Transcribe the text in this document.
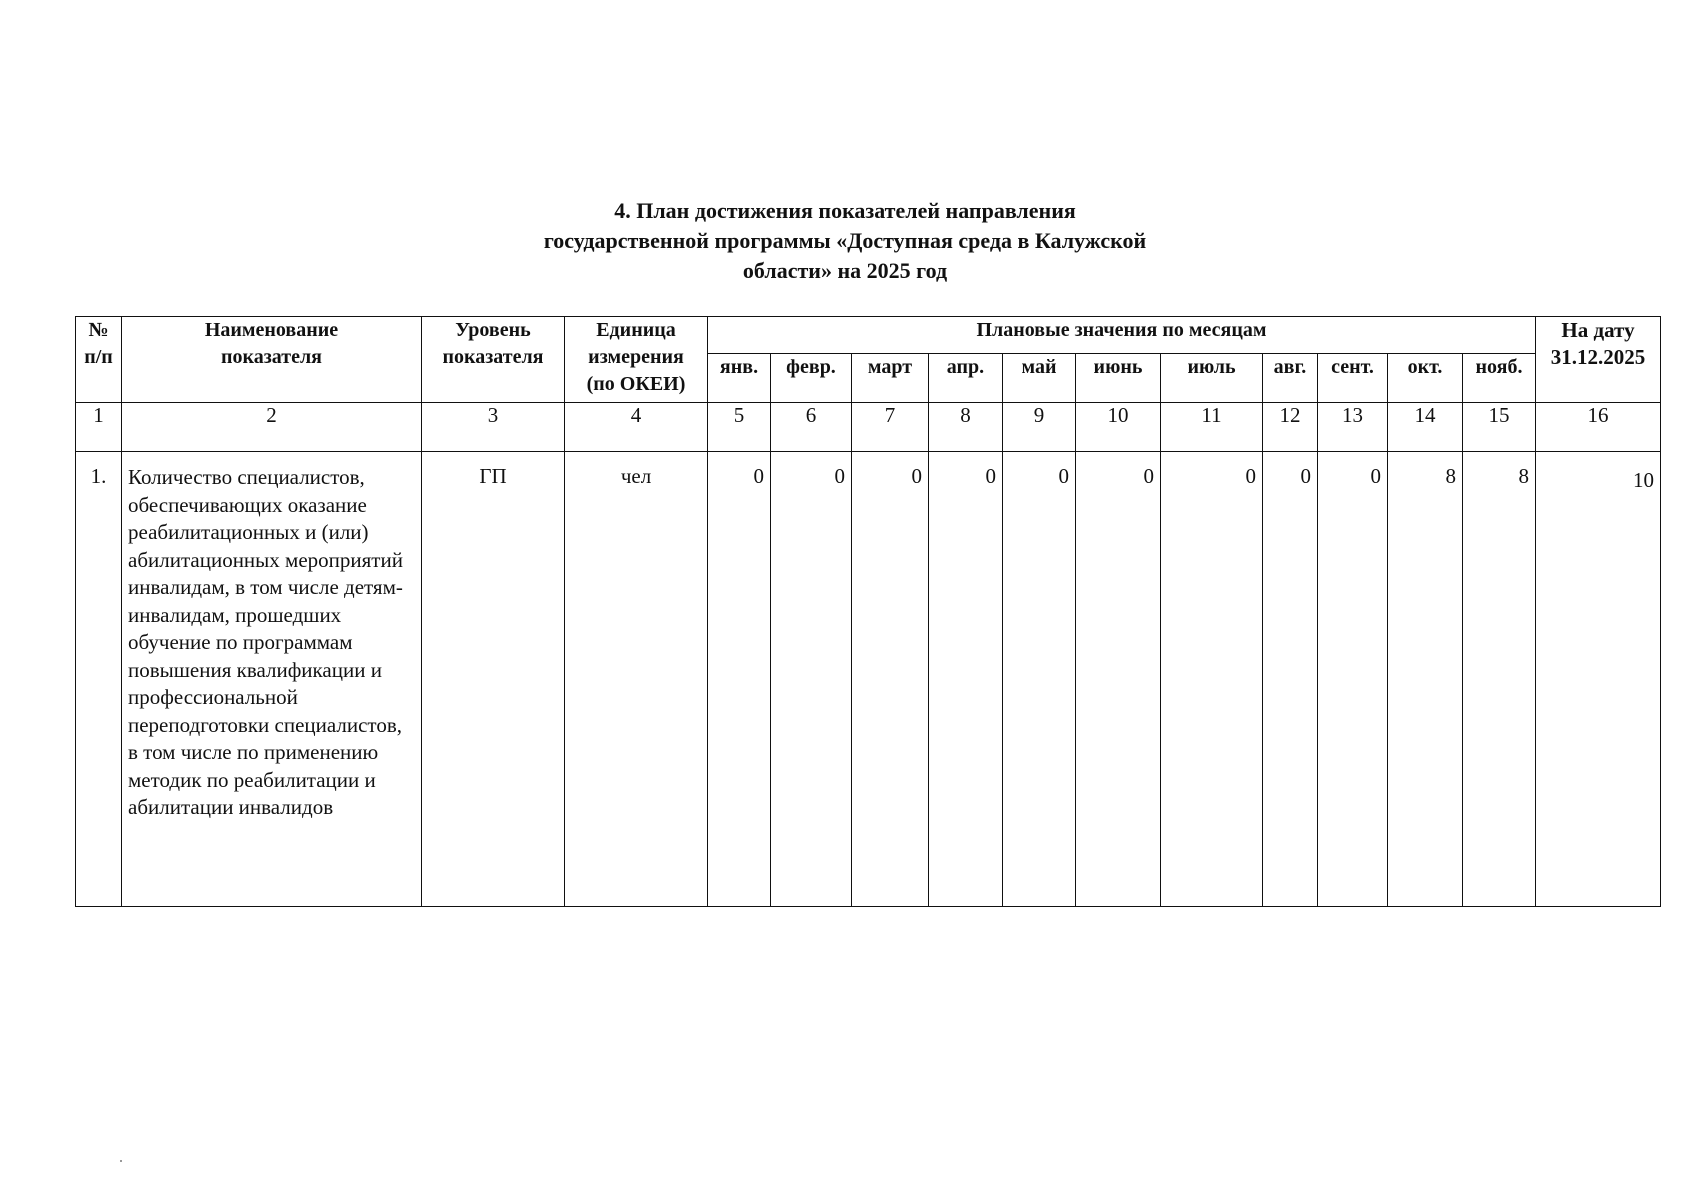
4. План достижения показателей направления
государственной программы «Доступная среда в Калужской
области» на 2025 год
№ п/п	Наименование показателя	Уровень показателя	Единица измерения (по ОКЕИ)	Плановые значения по месяцам											На дату 31.12.2025
				янв.	февр.	март	апр.	май	июнь	июль	авг.	сент.	окт.	нояб.	
1	2	3	4	5	6	7	8	9	10	11	12	13	14	15	16
1.	Количество специалистов, обеспечивающих оказание реабилитационных и (или) абилитационных мероприятий инвалидам, в том числе детям-инвалидам, прошедших обучение по программам повышения квалификации и профессиональной переподготовки специалистов, в том числе по применению методик по реабилитации и абилитации инвалидов	ГП	чел	0	0	0	0	0	0	0	0	0	8	8	10
